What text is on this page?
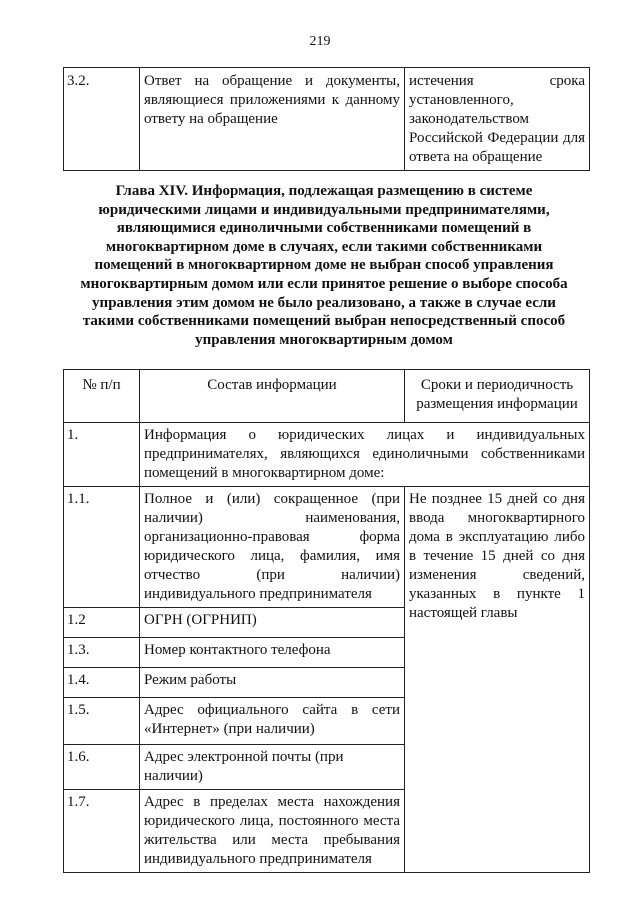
219
3.2.	Ответ на обращение и документы, являющиеся приложениями к данному ответу на обращение	истечения срока установленного, законодательством Российской Федерации для ответа на обращение
Глава XIV. Информация, подлежащая размещению в системе юридическими лицами и индивидуальными предпринимателями, являющимися единоличными собственниками помещений в многоквартирном доме в случаях, если такими собственниками помещений в многоквартирном доме не выбран способ управления многоквартирным домом или если принятое решение о выборе способа управления этим домом не было реализовано, а также в случае если такими собственниками помещений выбран непосредственный способ управления многоквартирным домом
№ п/п	Состав информации	Сроки и периодичность размещения информации
1.	Информация о юридических лицах и индивидуальных предпринимателях, являющихся единоличными собственниками помещений в многоквартирном доме:	
1.1.	Полное и (или) сокращенное (при наличии) наименования, организационно-правовая форма юридического лица, фамилия, имя отчество (при наличии) индивидуального предпринимателя	Не позднее 15 дней со дня ввода многоквартирного дома в эксплуатацию либо в течение 15 дней со дня изменения сведений, указанных в пункте 1 настоящей главы
1.2	ОГРН (ОГРНИП)	
1.3.	Номер контактного телефона	
1.4.	Режим работы	
1.5.	Адрес официального сайта в сети «Интернет» (при наличии)	
1.6.	Адрес электронной почты (при наличии)	
1.7.	Адрес в пределах места нахождения юридического лица, постоянного места жительства или места пребывания индивидуального предпринимателя	
